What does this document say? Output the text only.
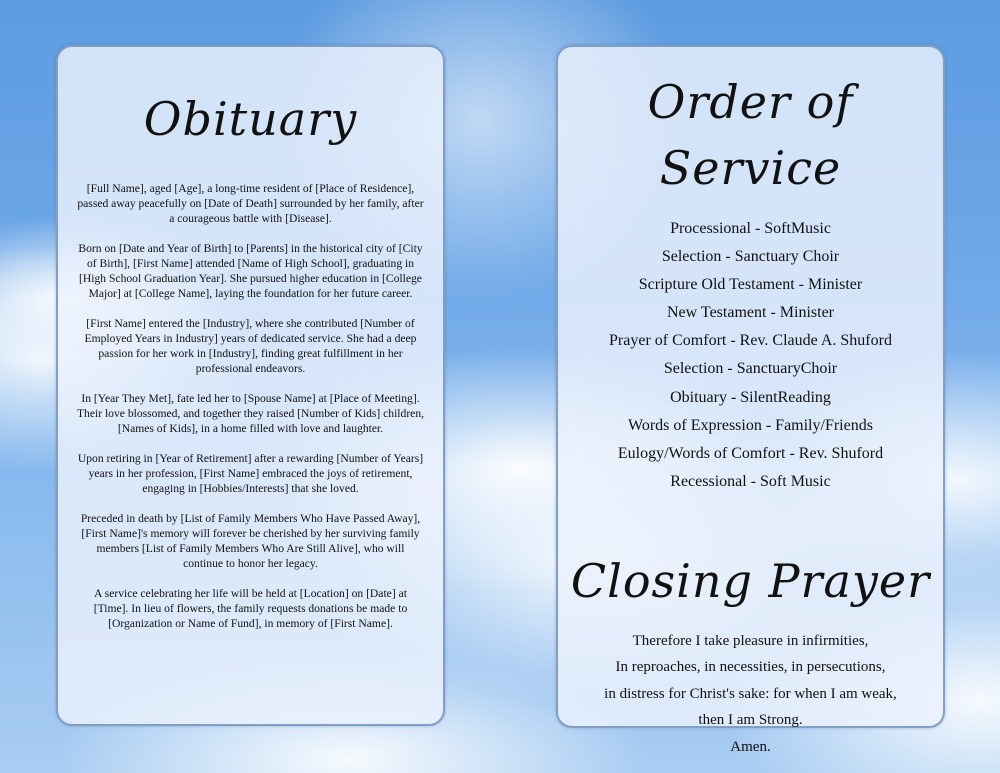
Obituary

[Full Name], aged [Age], a long-time resident of [Place of Residence], passed away peacefully on [Date of Death] surrounded by her family, after a courageous battle with [Disease].

Born on [Date and Year of Birth] to [Parents] in the historical city of [City of Birth], [First Name] attended [Name of High School], graduating in [High School Graduation Year]. She pursued higher education in [College Major] at [College Name], laying the foundation for her future career.

[First Name] entered the [Industry], where she contributed [Number of Employed Years in Industry] years of dedicated service. She had a deep passion for her work in [Industry], finding great fulfillment in her professional endeavors.

In [Year They Met], fate led her to [Spouse Name] at [Place of Meeting]. Their love blossomed, and together they raised [Number of Kids] children, [Names of Kids], in a home filled with love and laughter.

Upon retiring in [Year of Retirement] after a rewarding [Number of Years] years in her profession, [First Name] embraced the joys of retirement, engaging in [Hobbies/Interests] that she loved.

Preceded in death by [List of Family Members Who Have Passed Away], [First Name]'s memory will forever be cherished by her surviving family members [List of Family Members Who Are Still Alive], who will continue to honor her legacy.

A service celebrating her life will be held at [Location] on [Date] at [Time]. In lieu of flowers, the family requests donations be made to [Organization or Name of Fund], in memory of [First Name].

Order of Service
Processional - SoftMusic
Selection - Sanctuary Choir
Scripture Old Testament - Minister
New Testament - Minister
Prayer of Comfort - Rev. Claude A. Shuford
Selection - SanctuaryChoir
Obituary - SilentReading
Words of Expression - Family/Friends
Eulogy/Words of Comfort - Rev. Shuford
Recessional - Soft Music
Closing Prayer
Therefore I take pleasure in infirmities,
In reproaches, in necessities, in persecutions,
in distress for Christ's sake: for when I am weak,
then I am Strong.
Amen.
